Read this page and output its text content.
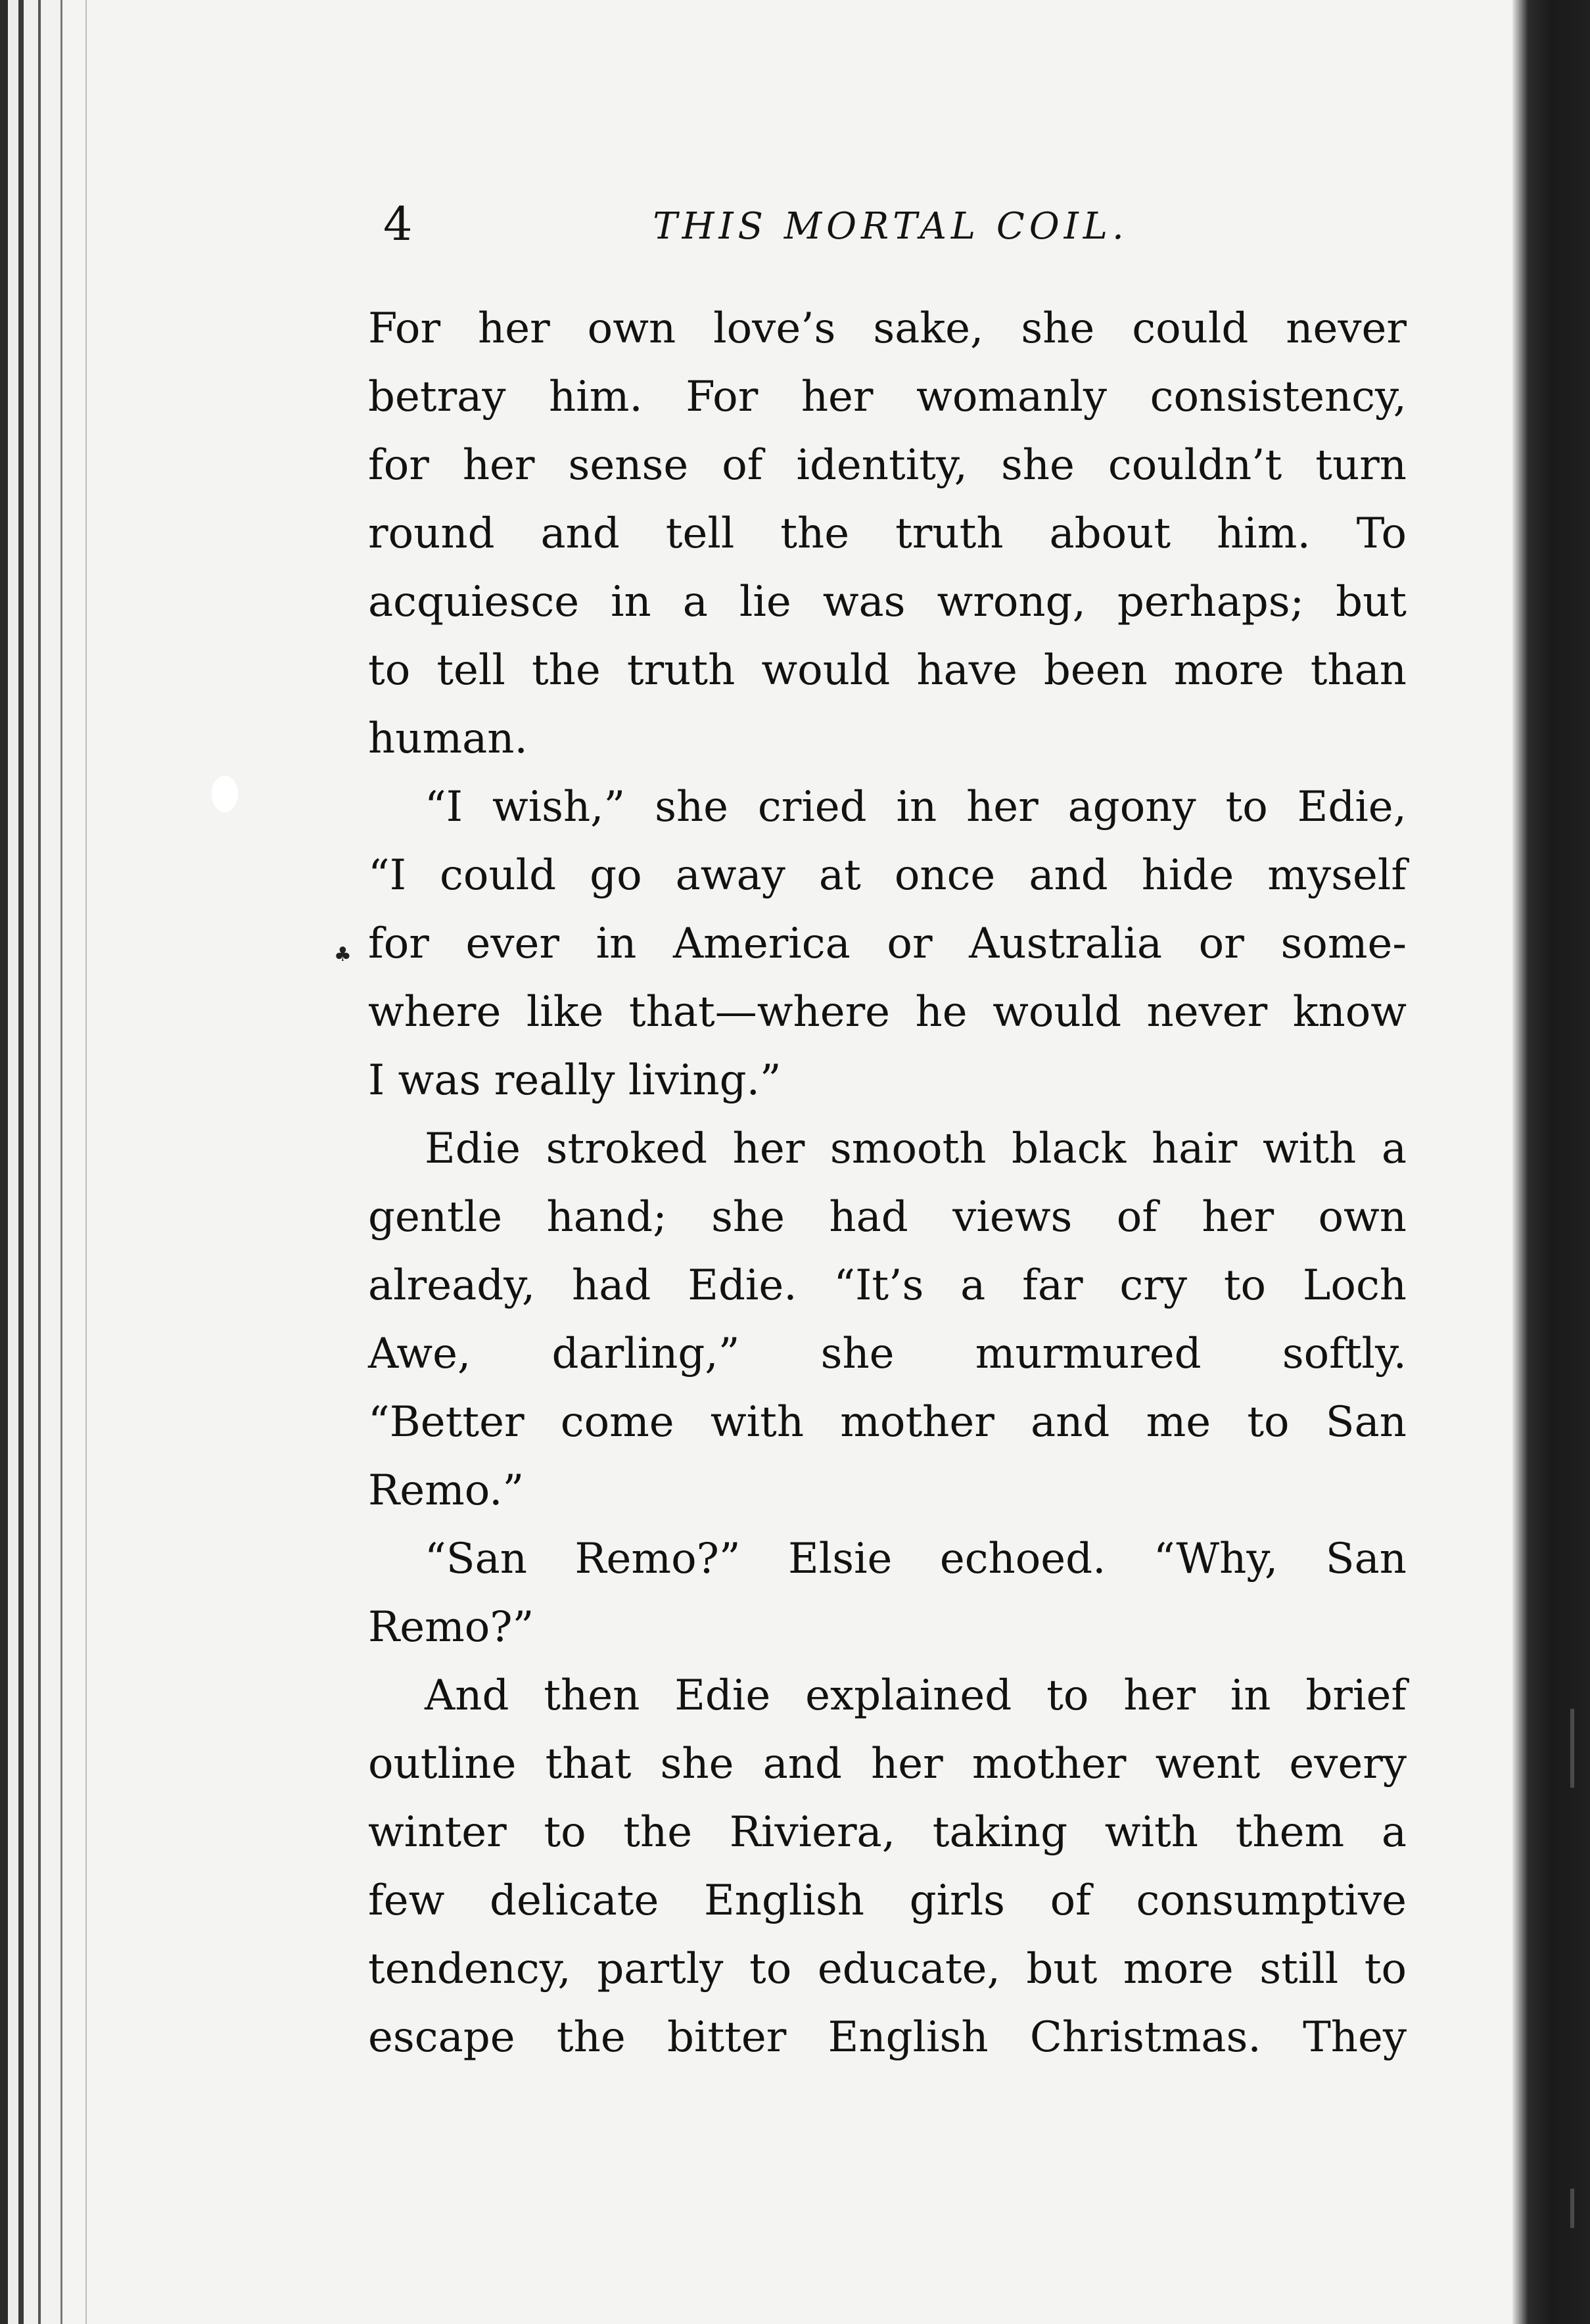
4	THIS MORTAL COIL.
♣
For her own love’s sake, she could never
betray him. For her womanly consistency,
for her sense of identity, she couldn’t turn
round and tell the truth about him. To
acquiesce in a lie was wrong, perhaps; but
to tell the truth would have been more than
human.
“I wish,” she cried in her agony to Edie,
“I could go away at once and hide myself
for ever in America or Australia or some-
where like that—where he would never know
I was really living.”
Edie stroked her smooth black hair with a
gentle hand; she had views of her own
already, had Edie. “It’s a far cry to Loch
Awe, darling,” she murmured softly.
“Better come with mother and me to San
Remo.”
“San Remo?” Elsie echoed. “Why, San
Remo?”
And then Edie explained to her in brief
outline that she and her mother went every
winter to the Riviera, taking with them a
few delicate English girls of consumptive
tendency, partly to educate, but more still to
escape the bitter English Christmas. They
